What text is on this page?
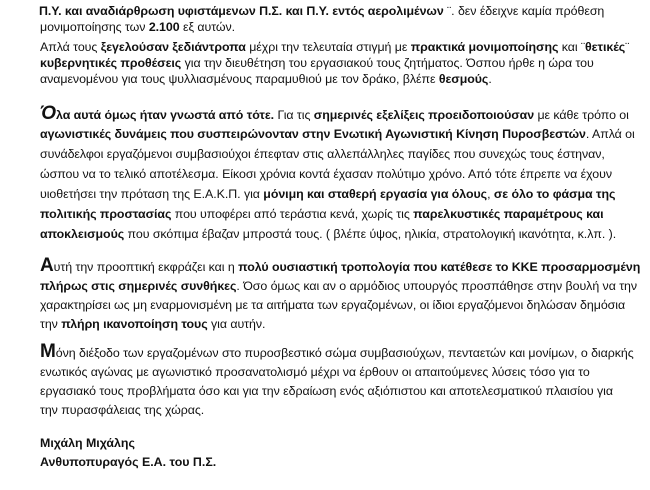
Π.Υ. και αναδιάρθρωση υφιστάμενων Π.Σ. και Π.Υ. εντός αερολιμένων ¨. δεν έδειχνε καμία πρόθεση
μονιμοποίησης των 2.100 εξ αυτών.
Απλά τους ξεγελούσαν ξεδιάντροπα μέχρι την τελευταία στιγμή με πρακτικά μονιμοποίησης και ¨θετικές¨
κυβερνητικές προθέσεις για την διευθέτηση του εργασιακού τους ζητήματος. Όσπου ήρθε η ώρα του
αναμενομένου για τους ψυλλιασμένους παραμυθιού με τον δράκο, βλέπε θεσμούς.
Όλα αυτά όμως ήταν γνωστά από τότε. Για τις σημερινές εξελίξεις προειδοποιούσαν με κάθε τρόπο οι
αγωνιστικές δυνάμεις που συσπειρώνονταν στην Ενωτική Αγωνιστική Κίνηση Πυροσβεστών. Απλά οι
συνάδελφοι εργαζόμενοι συμβασιούχοι έπεφταν στις αλλεπάλληλες παγίδες που συνεχώς τους έστηναν,
ώσπου να το τελικό αποτέλεσμα. Είκοσι χρόνια κοντά έχασαν πολύτιμο χρόνο. Από τότε έπρεπε να έχουν
υιοθετήσει την πρόταση της Ε.Α.Κ.Π. για μόνιμη και σταθερή εργασία για όλους, σε όλο το φάσμα της
πολιτικής προστασίας που υποφέρει από τεράστια κενά, χωρίς τις παρελκυστικές παραμέτρους και
αποκλεισμούς που σκόπιμα έβαζαν μπροστά τους. ( βλέπε ύψος, ηλικία, στρατολογική ικανότητα, κ.λπ. ).
Αυτή την προοπτική εκφράζει και η πολύ ουσιαστική τροπολογία που κατέθεσε το ΚΚΕ προσαρμοσμένη
πλήρως στις σημερινές συνθήκες. Όσο όμως και αν ο αρμόδιος υπουργός προσπάθησε στην βουλή να την
χαρακτηρίσει ως μη εναρμονισμένη με τα αιτήματα των εργαζομένων, οι ίδιοι εργαζόμενοι δηλώσαν δημόσια
την πλήρη ικανοποίηση τους για αυτήν.
Μόνη διέξοδο των εργαζομένων στο πυροσβεστικό σώμα συμβασιούχων, πενταετών και μονίμων, ο διαρκής
ενωτικός αγώνας με αγωνιστικό προσανατολισμό μέχρι να έρθουν οι απαιτούμενες λύσεις τόσο για το
εργασιακό τους προβλήματα όσο και για την εδραίωση ενός αξιόπιστου και αποτελεσματικού πλαισίου για
την πυρασφάλειας της χώρας.
Μιχάλη Μιχάλης
Ανθυποπυραγός Ε.Α. του Π.Σ.
